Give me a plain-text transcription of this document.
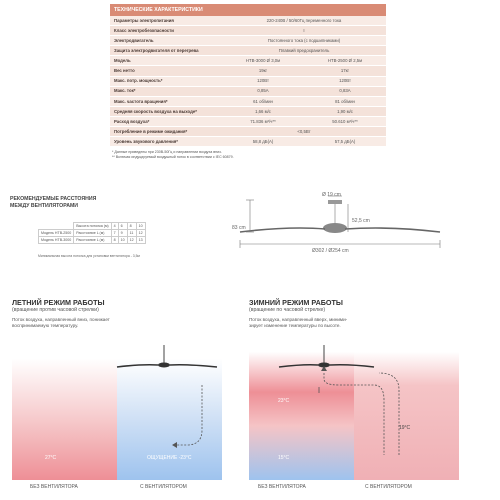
ТЕХНИЧЕСКИЕ ХАРАКТЕРИСТИКИ
Параметры электропитания	220-240В / 50/60Гц переменного тока
Класс электробезопасности	I
Электродвигатель	Постоянного тока (с подшипниками)
Защита электродвигателя от перегрева	Плавкий предохранитель
Модель	НТВ-3000 Ø 3,0м	НТВ-2500 Ø 2,5м
Вес нетто	19кг	17кг
Макс. потр. мощность*	120Вт	120Вт
Макс. ток*	0,85А	0,83А
Макс. частота вращения*	61 об/мин	81 об/мин
Средняя скорость воздуха на выходе*	1,66 м/с	1,90 м/с
Расход воздуха*	71.836 м³/ч**	50.610 м³/ч**
Потребление в режиме ожидания*	<0,5Вт
Уровень звукового давления*	58,8 дБ(А)	57,5 дБ(А)
* Данные приведены при 230В-50Гц и направлении воздуха вниз.
** Включая индуцируемый воздушный поток в соответствии с IEC 60879.
РЕКОМЕНДУЕМЫЕ РАССТОЯНИЯ
МЕЖДУ ВЕНТИЛЯТОРАМИ
	Высота потолка (м)	4	6	8	10
Модель НТВ-2500	Расстояние L (м)	7	9	11	12
Модель НТВ-3000	Расстояние L (м)	8	10	12	13
Минимальная высота потолка для установки вентилятора - 3,5м
Ø 19 cm
83 cm
52,5 cm
Ø302 / Ø254 cm
ЛЕТНИЙ РЕЖИМ РАБОТЫ
(вращение против часовой стрелки)
Поток воздуха, направленный вниз, понижает
воспринимаемую температуру.
27°C	ОЩУЩЕНИЕ -23°C
БЕЗ ВЕНТИЛЯТОРА	С ВЕНТИЛЯТОРОМ
ЗИМНИЙ РЕЖИМ РАБОТЫ
(вращение по часовой стрелке)
Поток воздуха, направленный вверх, миними-
зирует изменение температуры по высоте.
23°C
15°C
19°C
БЕЗ ВЕНТИЛЯТОРА	С ВЕНТИЛЯТОРОМ
